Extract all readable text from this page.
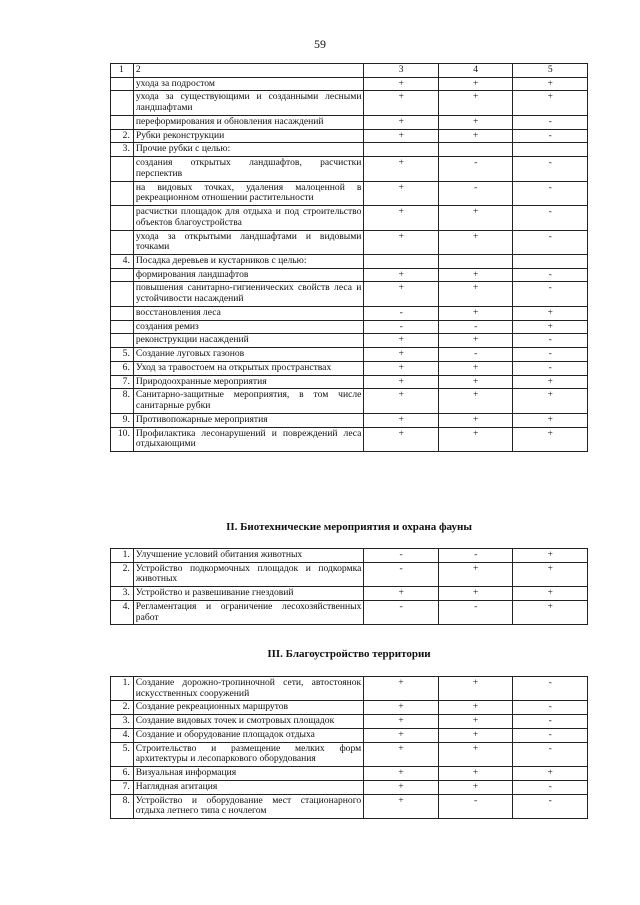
59
1	2	3	4	5
	ухода за подростом	+	+	+
	ухода за существующими и созданными лесными ландшафтами	+	+	+
	переформирования и обновления насаждений	+	+	-
2.	Рубки реконструкции	+	+	-
3.	Прочие рубки с целью:			
	создания открытых ландшафтов, расчистки перспектив	+	-	-
	на видовых точках, удаления малоценной в рекреационном отношении растительности	+	-	-
	расчистки площадок для отдыха и под строительство объектов благоустройства	+	+	-
	ухода за открытыми ландшафтами и видовыми точками	+	+	-
4.	Посадка деревьев и кустарников с целью:			
	формирования ландшафтов	+	+	-
	повышения санитарно-гигиенических свойств леса и устойчивости насаждений	+	+	-
	восстановления леса	-	+	+
	создания ремиз	-	-	+
	реконструкции насаждений	+	+	-
5.	Создание луговых газонов	+	-	-
6.	Уход за травостоем на открытых пространствах	+	+	-
7.	Природоохранные мероприятия	+	+	+
8.	Санитарно-защитные мероприятия, в том числе санитарные рубки	+	+	+
9.	Противопожарные мероприятия	+	+	+
10.	Профилактика лесонарушений и повреждений леса отдыхающими	+	+	+
II. Биотехнические мероприятия и охрана фауны
1.	Улучшение условий обитания животных	-	-	+
2.	Устройство подкормочных площадок и подкормка животных	-	+	+
3.	Устройство и развешивание гнездовий	+	+	+
4.	Регламентация и ограничение лесохозяйственных работ	-	-	+
III. Благоустройство территории
1.	Создание дорожно-тропиночной сети, автостоянок искусственных сооружений	+	+	-
2.	Создание рекреационных маршрутов	+	+	-
3.	Создание видовых точек и смотровых площадок	+	+	-
4.	Создание и оборудование площадок отдыха	+	+	-
5.	Строительство и размещение мелких форм архитектуры и лесопаркового оборудования	+	+	-
6.	Визуальная информация	+	+	+
7.	Наглядная агитация	+	+	-
8.	Устройство и оборудование мест стационарного отдыха летнего типа с ночлегом	+	-	-
